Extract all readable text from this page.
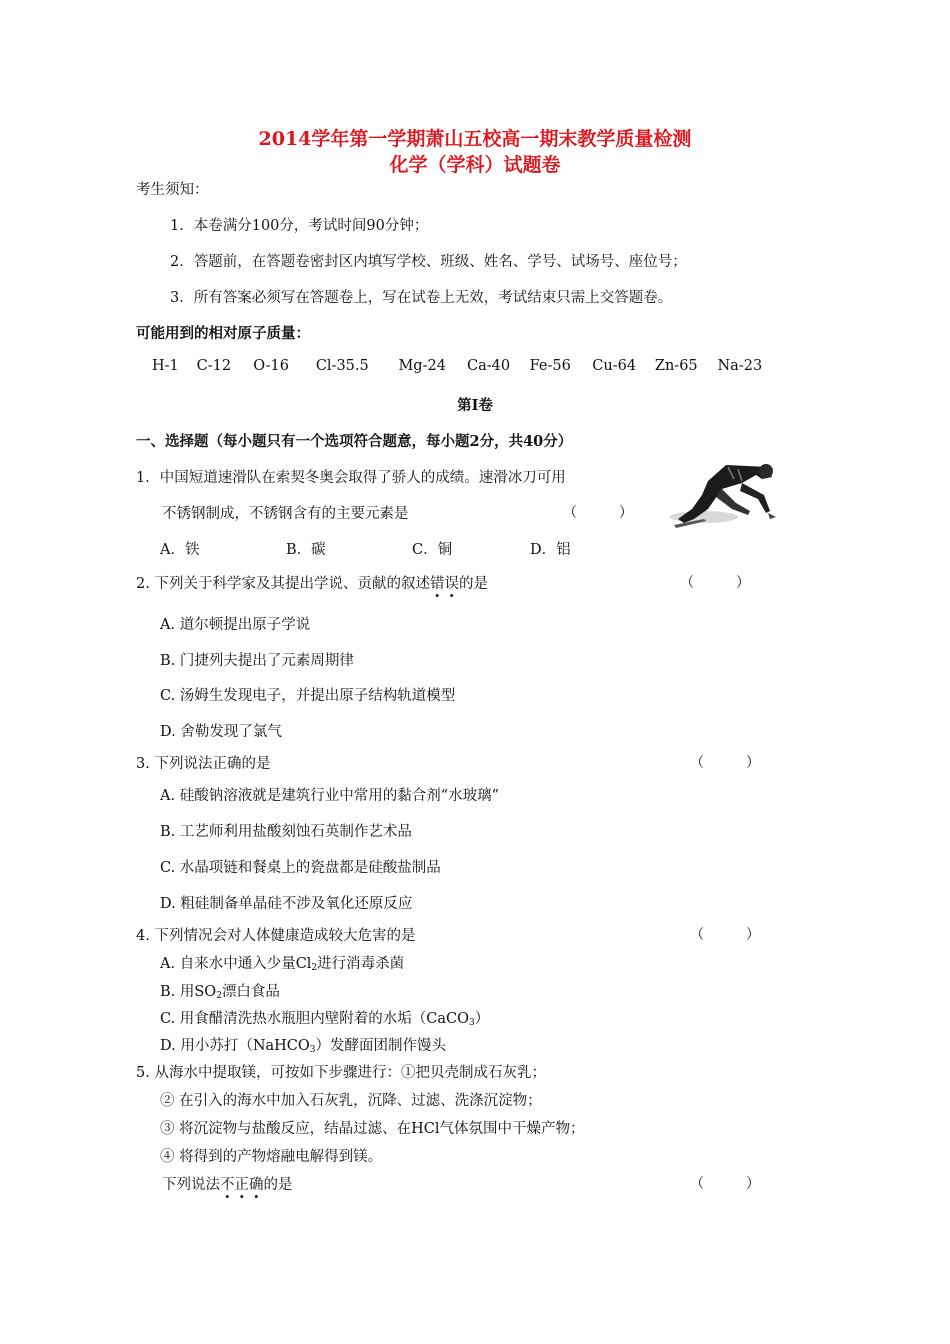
2014学年第一学期萧山五校高一期末教学质量检测
化学（学科）试题卷
考生须知：
1．本卷满分100分，考试时间90分钟；
2．答题前，在答题卷密封区内填写学校、班级、姓名、学号、试场号、座位号；
3．所有答案必须写在答题卷上，写在试卷上无效，考试结束只需上交答题卷。
可能用到的相对原子质量：
H-1 C-12 O-16 Cl-35.5 Mg-24 Ca-40 Fe-56 Cu-64 Zn-65 Na-23
第Ⅰ卷
一、选择题（每小题只有一个选项符合题意，每小题2分，共40分）
1．中国短道速滑队在索契冬奥会取得了骄人的成绩。速滑冰刀可用
不锈钢制成，不锈钢含有的主要元素是	（　　　）
A．铁	B．碳	C．铜	D．铝
2. 下列关于科学家及其提出学说、贡献的叙述错误的是	（　　　）
A. 道尔顿提出原子学说
B. 门捷列夫提出了元素周期律
C. 汤姆生发现电子，并提出原子结构轨道模型
D. 舍勒发现了氯气
3. 下列说法正确的是	（　　　）
A. 硅酸钠溶液就是建筑行业中常用的黏合剂“水玻璃”
B. 工艺师利用盐酸刻蚀石英制作艺术品
C. 水晶项链和餐桌上的瓷盘都是硅酸盐制品
D. 粗硅制备单晶硅不涉及氧化还原反应
4. 下列情况会对人体健康造成较大危害的是	（　　　）
A. 自来水中通入少量$Cl_2$进行消毒杀菌
B. 用$SO_2$漂白食品
C. 用食醋清洗热水瓶胆内壁附着的水垢（CaCO$_3$）
D. 用小苏打（NaHCO$_3$）发酵面团制作馒头
5. 从海水中提取镁，可按如下步骤进行：①把贝壳制成石灰乳；
② 在引入的海水中加入石灰乳，沉降、过滤、洗涤沉淀物；
③ 将沉淀物与盐酸反应，结晶过滤、在HCl气体氛围中干燥产物；
④ 将得到的产物熔融电解得到镁。
下列说法不正确的是	（　　　）
